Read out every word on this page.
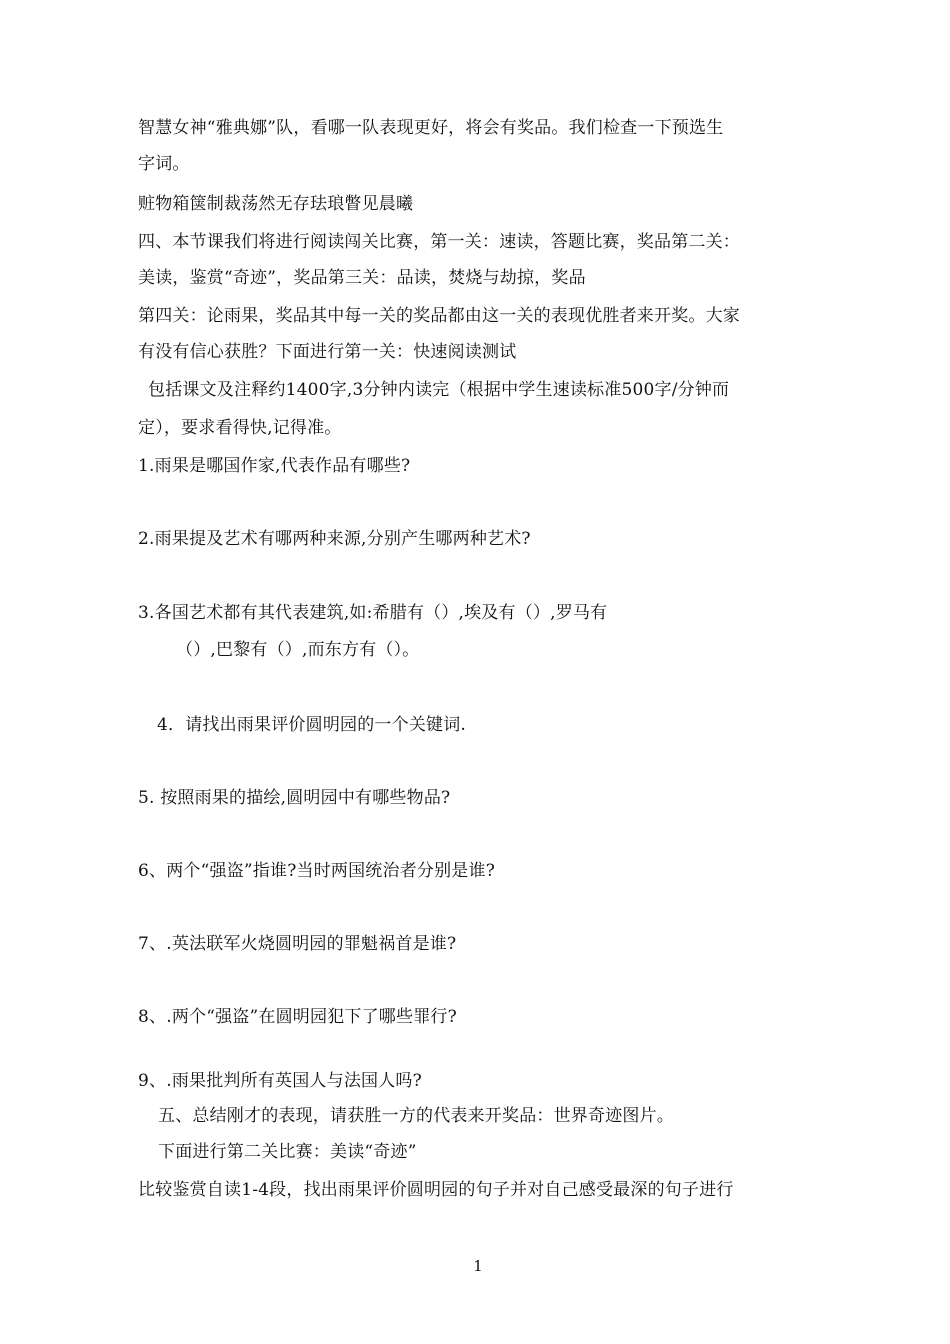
智慧女神“雅典娜”队，看哪一队表现更好，将会有奖品。我们检查一下预选生
字词。
赃物箱箧制裁荡然无存珐琅瞥见晨曦
四、本节课我们将进行阅读闯关比赛，第一关：速读，答题比赛，奖品第二关：
美读，鉴赏“奇迹”，奖品第三关：品读，焚烧与劫掠，奖品
第四关：论雨果，奖品其中每一关的奖品都由这一关的表现优胜者来开奖。大家
有没有信心获胜？下面进行第一关：快速阅读测试
包括课文及注释约1400字,3分钟内读完（根据中学生速读标准500字/分钟而
定），要求看得快,记得准。
1.雨果是哪国作家,代表作品有哪些?
2.雨果提及艺术有哪两种来源,分别产生哪两种艺术?
3.各国艺术都有其代表建筑,如:希腊有（）,埃及有（）,罗马有
（）,巴黎有（）,而东方有（）。
4．请找出雨果评价圆明园的一个关键词.
5. 按照雨果的描绘,圆明园中有哪些物品?
6、两个“强盗”指谁?当时两国统治者分别是谁?
7、.英法联军火烧圆明园的罪魁祸首是谁?
8、.两个“强盗”在圆明园犯下了哪些罪行?
9、.雨果批判所有英国人与法国人吗?
五、总结刚才的表现，请获胜一方的代表来开奖品：世界奇迹图片。
下面进行第二关比赛：美读“奇迹”
比较鉴赏自读1-4段，找出雨果评价圆明园的句子并对自己感受最深的句子进行
1
